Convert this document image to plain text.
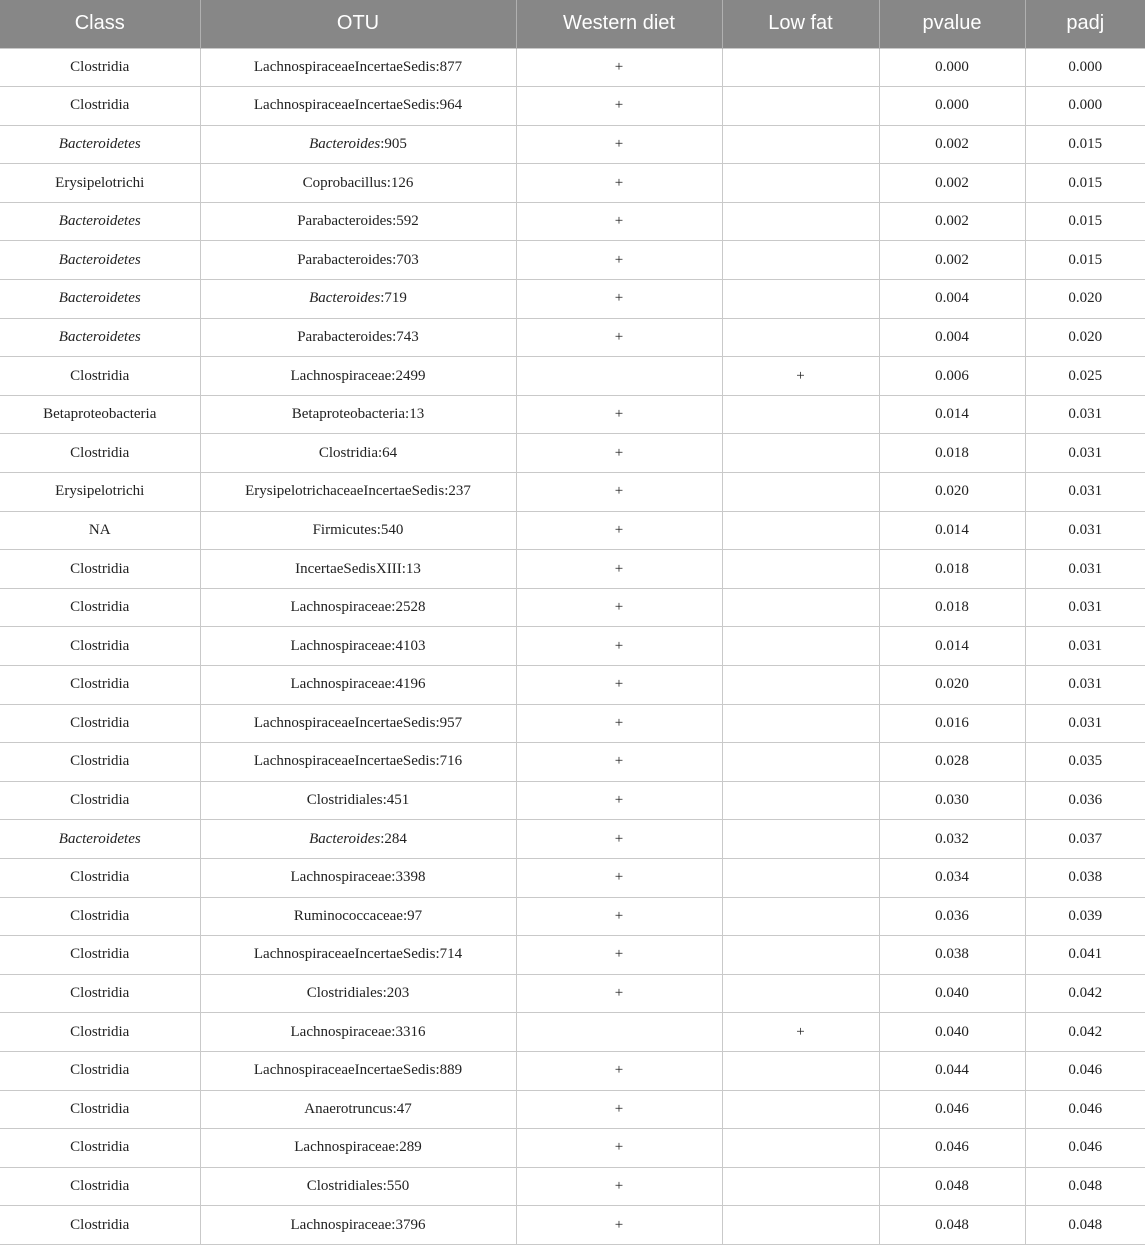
Class	OTU	Western diet	Low fat	pvalue	padj
Clostridia	LachnospiraceaeIncertaeSedis:877	+		0.000	0.000
Clostridia	LachnospiraceaeIncertaeSedis:964	+		0.000	0.000
Bacteroidetes	Bacteroides:905	+		0.002	0.015
Erysipelotrichi	Coprobacillus:126	+		0.002	0.015
Bacteroidetes	Parabacteroides:592	+		0.002	0.015
Bacteroidetes	Parabacteroides:703	+		0.002	0.015
Bacteroidetes	Bacteroides:719	+		0.004	0.020
Bacteroidetes	Parabacteroides:743	+		0.004	0.020
Clostridia	Lachnospiraceae:2499		+	0.006	0.025
Betaproteobacteria	Betaproteobacteria:13	+		0.014	0.031
Clostridia	Clostridia:64	+		0.018	0.031
Erysipelotrichi	ErysipelotrichaceaeIncertaeSedis:237	+		0.020	0.031
NA	Firmicutes:540	+		0.014	0.031
Clostridia	IncertaeSedisXIII:13	+		0.018	0.031
Clostridia	Lachnospiraceae:2528	+		0.018	0.031
Clostridia	Lachnospiraceae:4103	+		0.014	0.031
Clostridia	Lachnospiraceae:4196	+		0.020	0.031
Clostridia	LachnospiraceaeIncertaeSedis:957	+		0.016	0.031
Clostridia	LachnospiraceaeIncertaeSedis:716	+		0.028	0.035
Clostridia	Clostridiales:451	+		0.030	0.036
Bacteroidetes	Bacteroides:284	+		0.032	0.037
Clostridia	Lachnospiraceae:3398	+		0.034	0.038
Clostridia	Ruminococcaceae:97	+		0.036	0.039
Clostridia	LachnospiraceaeIncertaeSedis:714	+		0.038	0.041
Clostridia	Clostridiales:203	+		0.040	0.042
Clostridia	Lachnospiraceae:3316		+	0.040	0.042
Clostridia	LachnospiraceaeIncertaeSedis:889	+		0.044	0.046
Clostridia	Anaerotruncus:47	+		0.046	0.046
Clostridia	Lachnospiraceae:289	+		0.046	0.046
Clostridia	Clostridiales:550	+		0.048	0.048
Clostridia	Lachnospiraceae:3796	+		0.048	0.048
